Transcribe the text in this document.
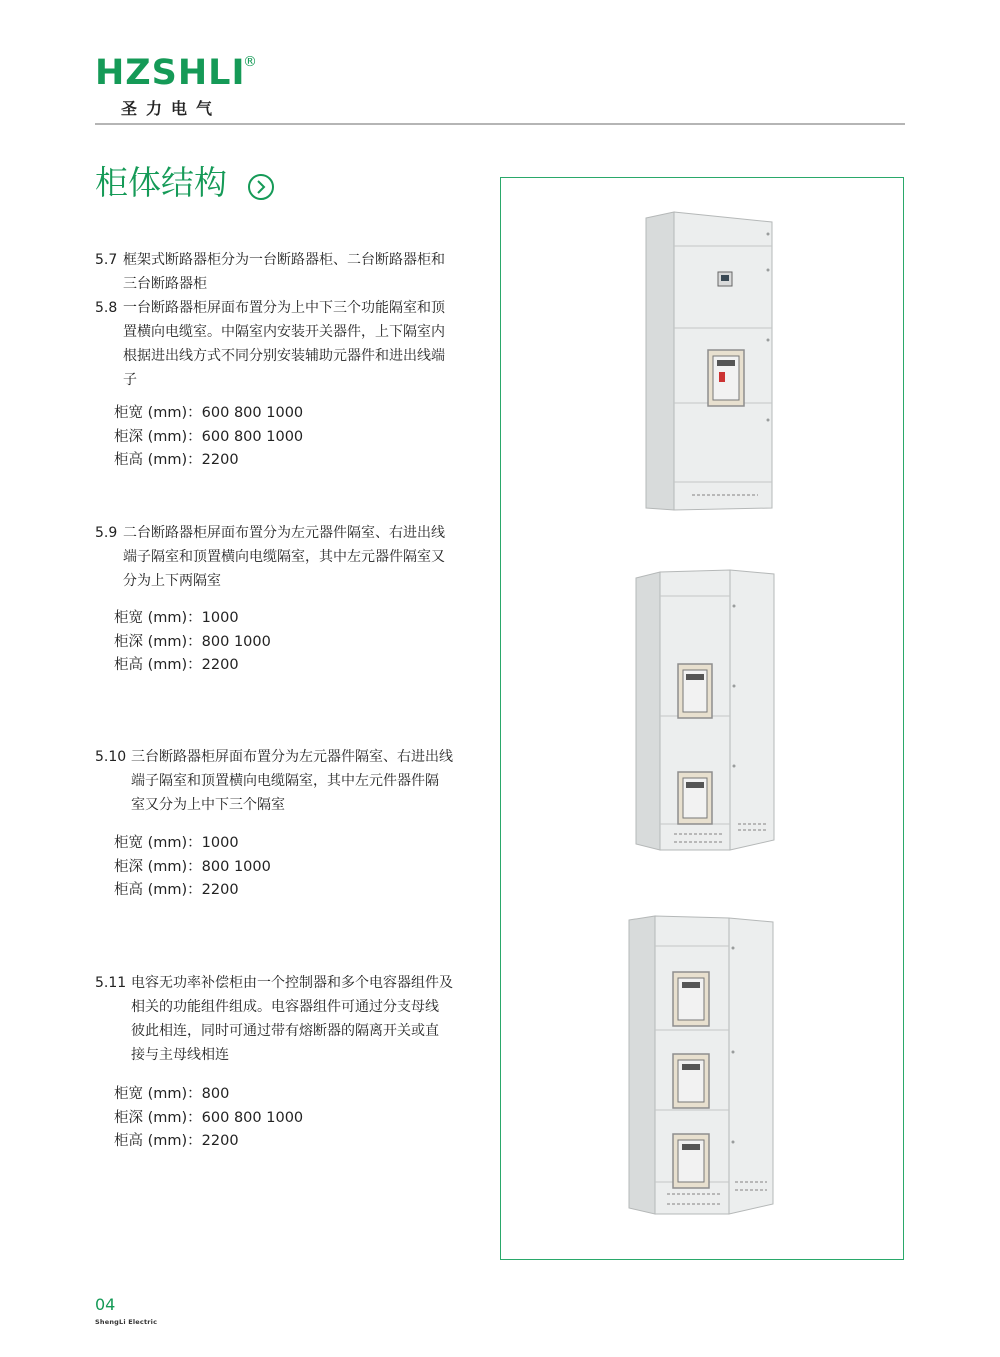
HZSHLI
®
圣力电气
柜体结构
5.7 框架式断路器柜分为一台断路器柜、二台断路器柜和
三台断路器柜
5.8 一台断路器柜屏面布置分为上中下三个功能隔室和顶
置横向电缆室。中隔室内安装开关器件，上下隔室内
根据进出线方式不同分别安装辅助元器件和进出线端
子
柜宽 (mm)：600 800 1000
柜深 (mm)：600 800 1000
柜高 (mm)：2200
5.9 二台断路器柜屏面布置分为左元器件隔室、右进出线
端子隔室和顶置横向电缆隔室，其中左元器件隔室又
分为上下两隔室
柜宽 (mm)：1000
柜深 (mm)：800 1000
柜高 (mm)：2200
5.10 三台断路器柜屏面布置分为左元器件隔室、右进出线
端子隔室和顶置横向电缆隔室，其中左元件器件隔
室又分为上中下三个隔室
柜宽 (mm)：1000
柜深 (mm)：800 1000
柜高 (mm)：2200
5.11 电容无功率补偿柜由一个控制器和多个电容器组件及
相关的功能组件组成。电容器组件可通过分支母线
彼此相连，同时可通过带有熔断器的隔离开关或直
接与主母线相连
柜宽 (mm)：800
柜深 (mm)：600 800 1000
柜高 (mm)：2200
04
ShengLi Electric
